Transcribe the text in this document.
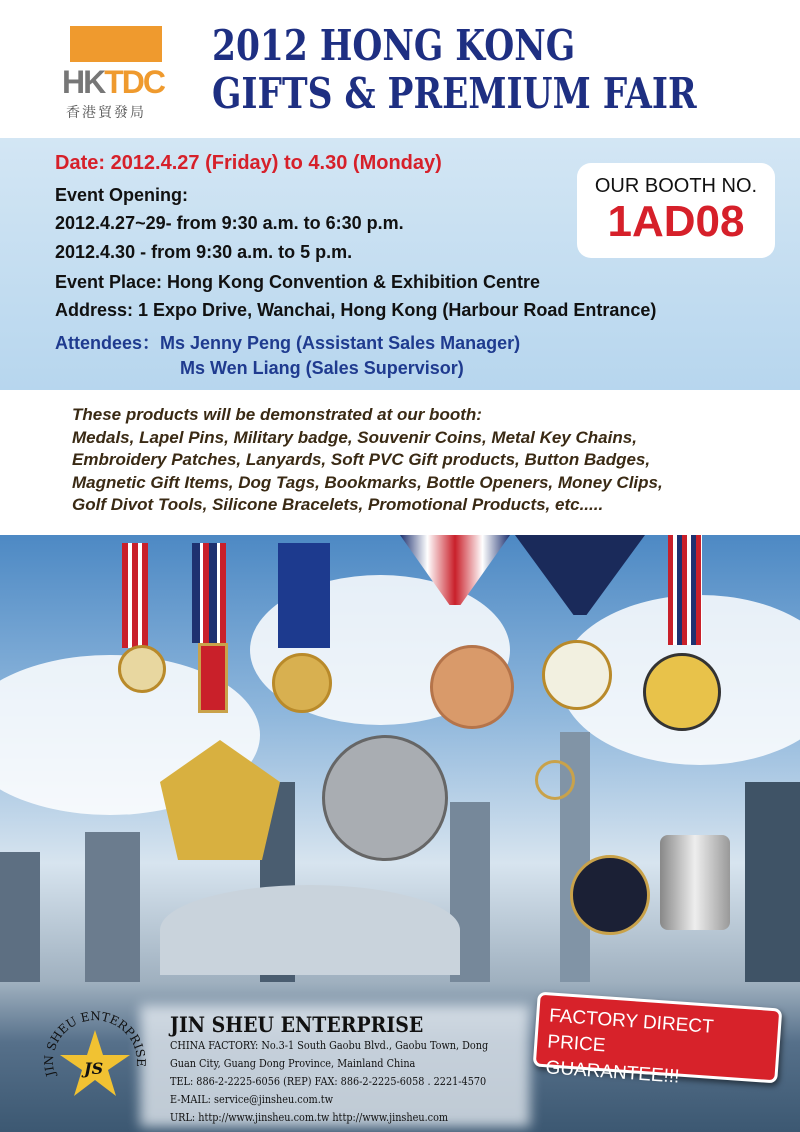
HKTDC
香港貿發局
2012 HONG KONG
GIFTS & PREMIUM FAIR
Date: 2012.4.27 (Friday) to 4.30 (Monday)
Event Opening:
2012.4.27~29- from 9:30 a.m. to 6:30 p.m.
2012.4.30 - from 9:30 a.m. to 5 p.m.
Event Place: Hong Kong Convention & Exhibition Centre
Address: 1 Expo Drive, Wanchai, Hong Kong (Harbour Road Entrance)
Attendees：Ms Jenny Peng (Assistant Sales Manager)
Ms Wen Liang (Sales Supervisor)
OUR BOOTH NO.
1AD08
These products will be demonstrated at our booth:
Medals, Lapel Pins, Military badge, Souvenir Coins, Metal Key Chains,
Embroidery Patches, Lanyards, Soft PVC Gift products, Button Badges,
Magnetic Gift Items, Dog Tags, Bookmarks, Bottle Openers, Money Clips,
Golf Divot Tools, Silicone Bracelets, Promotional Products, etc.....
JIN SHEU ENTERPRISE
JS
JIN SHEU ENTERPRISE
CHINA FACTORY: No.3-1 South Gaobu Blvd., Gaobu Town, Dong
Guan City, Guang Dong Province, Mainland China
TEL: 886-2-2225-6056 (REP) FAX: 886-2-2225-6058 . 2221-4570
E-MAIL: service@jinsheu.com.tw
URL: http://www.jinsheu.com.tw http://www.jinsheu.com
FACTORY DIRECT PRICE
GUARANTEE!!!
